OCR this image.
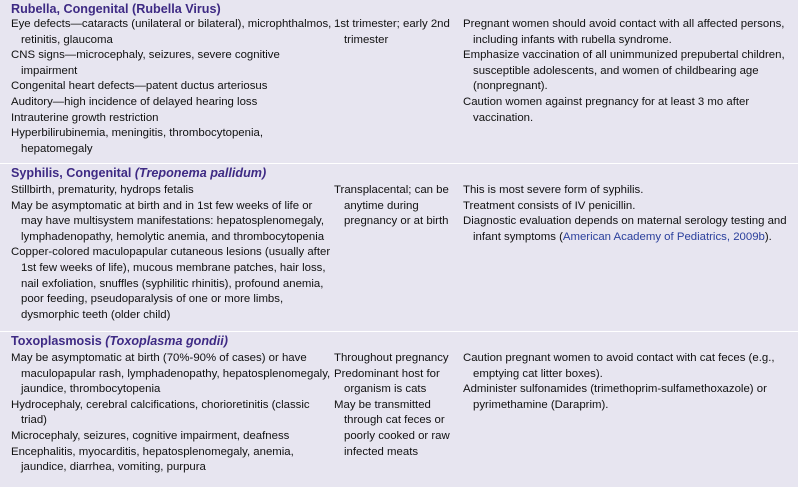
Rubella, Congenital (Rubella Virus)

Eye defects—cataracts (unilateral or bilateral), microphthalmos, retinitis, glaucoma

CNS signs—microcephaly, seizures, severe cognitive impairment

Congenital heart defects—patent ductus arteriosus

Auditory—high incidence of delayed hearing loss

Intrauterine growth restriction

Hyperbilirubinemia, meningitis, thrombocytopenia, hepatomegaly

1st trimester; early 2nd trimester

Pregnant women should avoid contact with all affected persons, including infants with rubella syndrome.

Emphasize vaccination of all unimmunized prepubertal children, susceptible adolescents, and women of childbearing age (nonpregnant).

Caution women against pregnancy for at least 3 mo after vaccination.

Syphilis, Congenital (Treponema pallidum)

Stillbirth, prematurity, hydrops fetalis

May be asymptomatic at birth and in 1st few weeks of life or may have multisystem manifestations: hepatosplenomegaly, lymphadenopathy, hemolytic anemia, and thrombocytopenia

Copper-colored maculopapular cutaneous lesions (usually after 1st few weeks of life), mucous membrane patches, hair loss, nail exfoliation, snuffles (syphilitic rhinitis), profound anemia, poor feeding, pseudoparalysis of one or more limbs, dysmorphic teeth (older child)

Transplacental; can be anytime during pregnancy or at birth

This is most severe form of syphilis.

Treatment consists of IV penicillin.

Diagnostic evaluation depends on maternal serology testing and infant symptoms (American Academy of Pediatrics, 2009b).

Toxoplasmosis (Toxoplasma gondii)

May be asymptomatic at birth (70%-90% of cases) or have maculopapular rash, lymphadenopathy, hepatosplenomegaly, jaundice, thrombocytopenia

Hydrocephaly, cerebral calcifications, chorioretinitis (classic triad)

Microcephaly, seizures, cognitive impairment, deafness

Encephalitis, myocarditis, hepatosplenomegaly, anemia, jaundice, diarrhea, vomiting, purpura

Throughout pregnancy

Predominant host for organism is cats

May be transmitted through cat feces or poorly cooked or raw infected meats

Caution pregnant women to avoid contact with cat feces (e.g., emptying cat litter boxes).

Administer sulfonamides (trimethoprim-sulfamethoxazole) or pyrimethamine (Daraprim).
